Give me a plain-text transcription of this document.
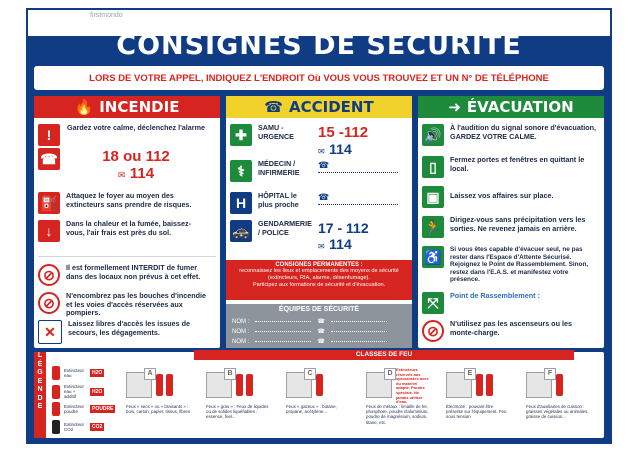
firstmondo
CONSIGNES DE SÉCURITÉ
LORS DE VOTRE APPEL, INDIQUEZ L'ENDROIT Où VOUS VOUS TROUVEZ ET UN N° DE TÉLÉPHONE
🔥 INCENDIE
!	Gardez votre calme, déclenchez l'alarme
☎	18 ou 112
✉ 114
⛽	Attaquez le foyer au moyen des extincteurs sans prendre de risques.
↓	Dans la chaleur et la fumée, baissez-vous, l'air frais est près du sol.
⊘	Il est formellement INTERDIT de fumer dans des locaux non prévus à cet effet.
⊘	N'encombrez pas les bouches d'incendie et les voies d'accès réservées aux pompiers.
✕	Laissez libres d'accès les issues de secours, les dégagements.
☎ ACCIDENT
✚	SAMU - URGENCE	15 -112
✉ 114
⚕	MÉDECIN / INFIRMERIE
☎
H	HÔPITAL le plus proche
☎
🚓	GENDARMERIE / POLICE	17 - 112
✉ 114
CONSIGNES PERMANENTES :
reconnaissez les lieux et emplacements des moyens de sécurité (extincteurs, RIA, alarme, désenfumage).
Participez aux formations de sécurité et d'évacuation.
ÉQUIPES DE SÉCURITÉ
NOM :	☎
NOM :	☎
NOM :	☎
➜ ÉVACUATION
🔊	À l'audition du signal sonore d'évacuation, GARDEZ VOTRE CALME.
▯	Fermez portes et fenêtres en quittant le local.
▣	Laissez vos affaires sur place.
🏃	Dirigez-vous sans précipitation vers les sorties. Ne revenez jamais en arrière.
♿	Si vous êtes capable d'évacuer seul, ne pas rester dans l'Espace d'Attente Sécurisé. Rejoignez le Point de Rassemblement. Sinon, restez dans l'E.A.S. et manifestez votre présence.
⤧	Point de Rassemblement :
⊘	N'utilisez pas les ascenseurs ou les monte-charge.
LÉGENDE
CLASSES DE FEU
Extincteur eau	H2O
Extincteur eau + additif
H2O
Extincteur poudre	POUDRE
Extincteur CO2	CO2
A
Feux « secs » ou « braisants » : bois, carton, papier, tissus, fibres
B
Feux « gras » : Feux de liquides ou de solides liquéfiables : essence, fuel...
C
Feux « gazeux » : butane, propane, acétylène...
D
Extincteurs réservés aux spécialistes avec du matériel adapté. Poudre spéciale. Ne jamais utiliser d'eau.
Feux de métaux : limaille de fer, phosphore, poudre d'aluminium, poudre de magnésium, sodium, titane, etc.
E
Électricité : pouvant être présente sur l'équipement. Feu sous tension
F
Feux d'auxiliaires de cuisson : graisses végétales ou animales, graisse de cuisson...
